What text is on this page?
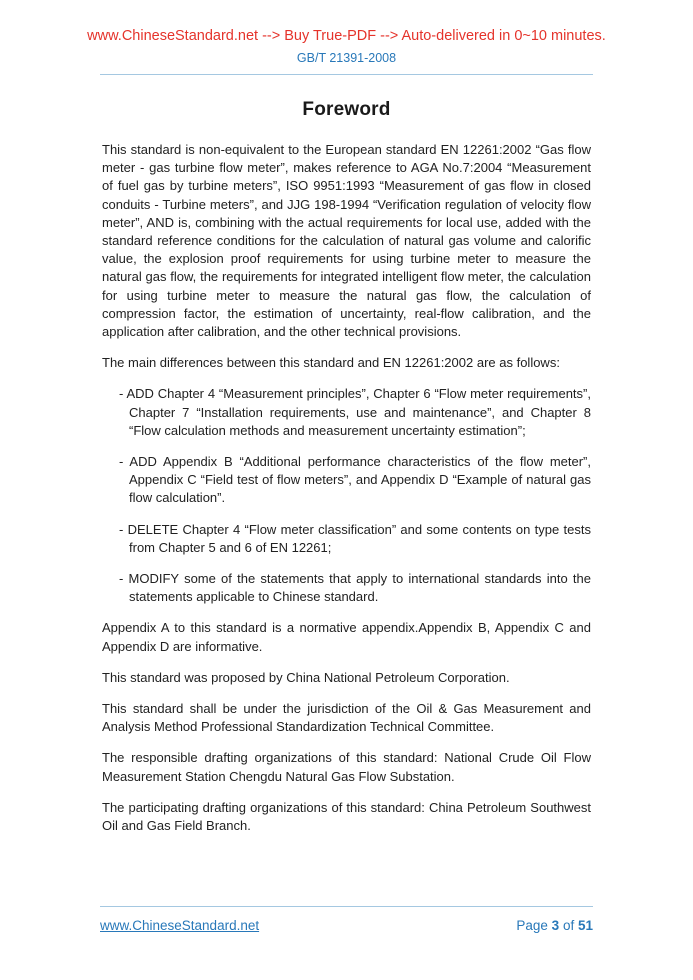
www.ChineseStandard.net --> Buy True-PDF --> Auto-delivered in 0~10 minutes.
GB/T 21391-2008
Foreword

This standard is non-equivalent to the European standard EN 12261:2002 “Gas flow meter - gas turbine flow meter”, makes reference to AGA No.7:2004 “Measurement of fuel gas by turbine meters”, ISO 9951:1993 “Measurement of gas flow in closed conduits - Turbine meters”, and JJG 198-1994 “Verification regulation of velocity flow meter”, AND is, combining with the actual requirements for local use, added with the standard reference conditions for the calculation of natural gas volume and calorific value, the explosion proof requirements for using turbine meter to measure the natural gas flow, the requirements for integrated intelligent flow meter, the calculation for using turbine meter to measure the natural gas flow, the calculation of compression factor, the estimation of uncertainty, real-flow calibration, and the application after calibration, and the other technical provisions.

The main differences between this standard and EN 12261:2002 are as follows:

- ADD Chapter 4 “Measurement principles”, Chapter 6 “Flow meter requirements”, Chapter 7 “Installation requirements, use and maintenance”, and Chapter 8 “Flow calculation methods and measurement uncertainty estimation”;
- ADD Appendix B “Additional performance characteristics of the flow meter”, Appendix C “Field test of flow meters”, and Appendix D “Example of natural gas flow calculation”.
- DELETE Chapter 4 “Flow meter classification” and some contents on type tests from Chapter 5 and 6 of EN 12261;
- MODIFY some of the statements that apply to international standards into the statements applicable to Chinese standard.

Appendix A to this standard is a normative appendix.Appendix B, Appendix C and Appendix D are informative.

This standard was proposed by China National Petroleum Corporation.

This standard shall be under the jurisdiction of the Oil & Gas Measurement and Analysis Method Professional Standardization Technical Committee.

The responsible drafting organizations of this standard: National Crude Oil Flow Measurement Station Chengdu Natural Gas Flow Substation.

The participating drafting organizations of this standard: China Petroleum Southwest Oil and Gas Field Branch.

www.ChineseStandard.net	Page 3 of 51
